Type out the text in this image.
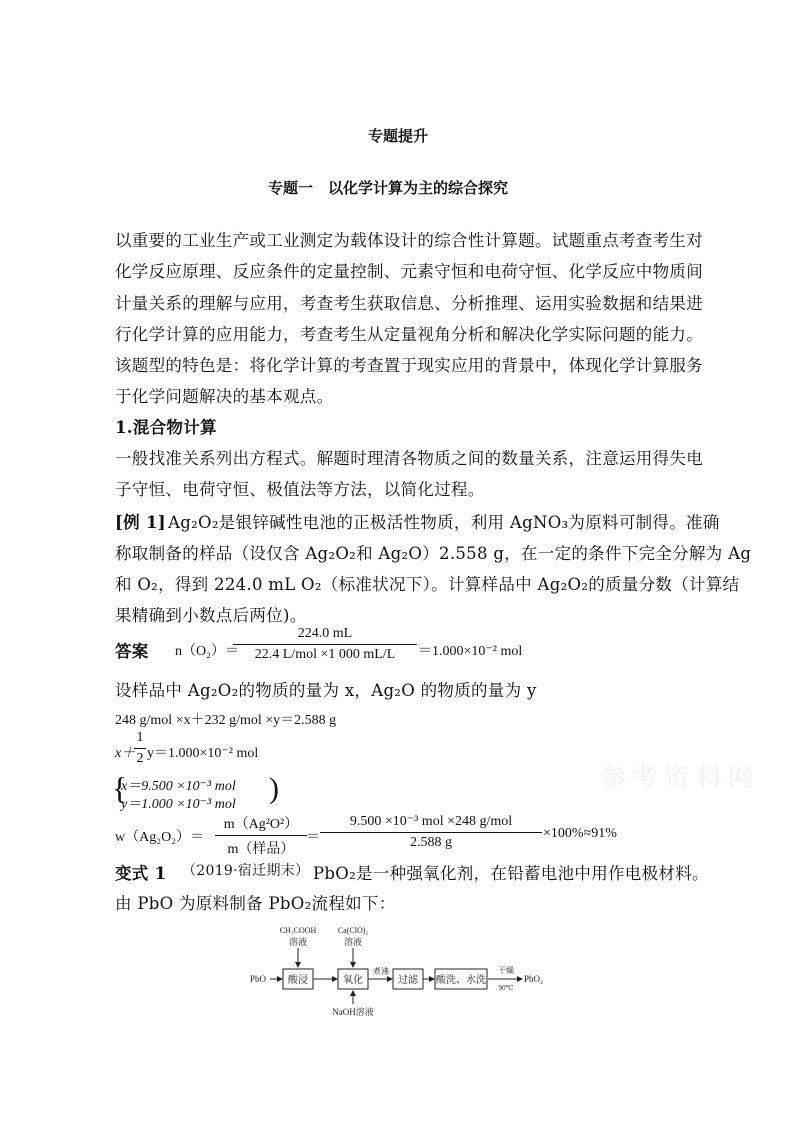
专题提升
专题一　以化学计算为主的综合探究
以重要的工业生产或工业测定为载体设计的综合性计算题。试题重点考查考生对
化学反应原理、反应条件的定量控制、元素守恒和电荷守恒、化学反应中物质间
计量关系的理解与应用，考查考生获取信息、分析推理、运用实验数据和结果进
行化学计算的应用能力，考查考生从定量视角分析和解决化学实际问题的能力。
该题型的特色是：将化学计算的考查置于现实应用的背景中，体现化学计算服务
于化学问题解决的基本观点。
1.混合物计算
一般找准关系列出方程式。解题时理清各物质之间的数量关系，注意运用得失电
子守恒、电荷守恒、极值法等方法，以简化过程。
[例 1] Ag₂O₂是银锌碱性电池的正极活性物质，利用 AgNO₃为原料可制得。准确
称取制备的样品（设仅含 Ag₂O₂和 Ag₂O）2.558 g，在一定的条件下完全分解为 Ag
和 O₂，得到 224.0 mL O₂（标准状况下）。计算样品中 Ag₂O₂的质量分数（计算结
果精确到小数点后两位)。
答案 n（O₂）＝
224.0 mL
22.4 L/mol ×1 000 mL/L ＝1.000×10⁻² mol
设样品中 Ag₂O₂的物质的量为 x，Ag₂O 的物质的量为 y
248 g/mol ×x＋232 g/mol ×y＝2.588 g
x＋
1
2 y＝1.000×10⁻² mol
{
x＝9.500 ×10⁻³ mol
y＝1.000 ×10⁻³ mol )
w（Ag₂O₂）＝
m（Ag²O²）
m（样品）
＝
9.500 ×10⁻³ mol ×248 g/mol
2.588 g
×100%≈91%
变式 1 （2019·宿迁期末） PbO₂是一种强氧化剂，在铅蓄电池中用作电极材料。
由 PbO 为原料制备 PbO₂流程如下：
PbO 酸浸
CH₃COOH
溶液
氧化
Ca(ClO)₂
溶液
NaOH溶液
煮沸
过滤 酸洗、水洗
干燥
90℃
PbO₂
参考资料网
